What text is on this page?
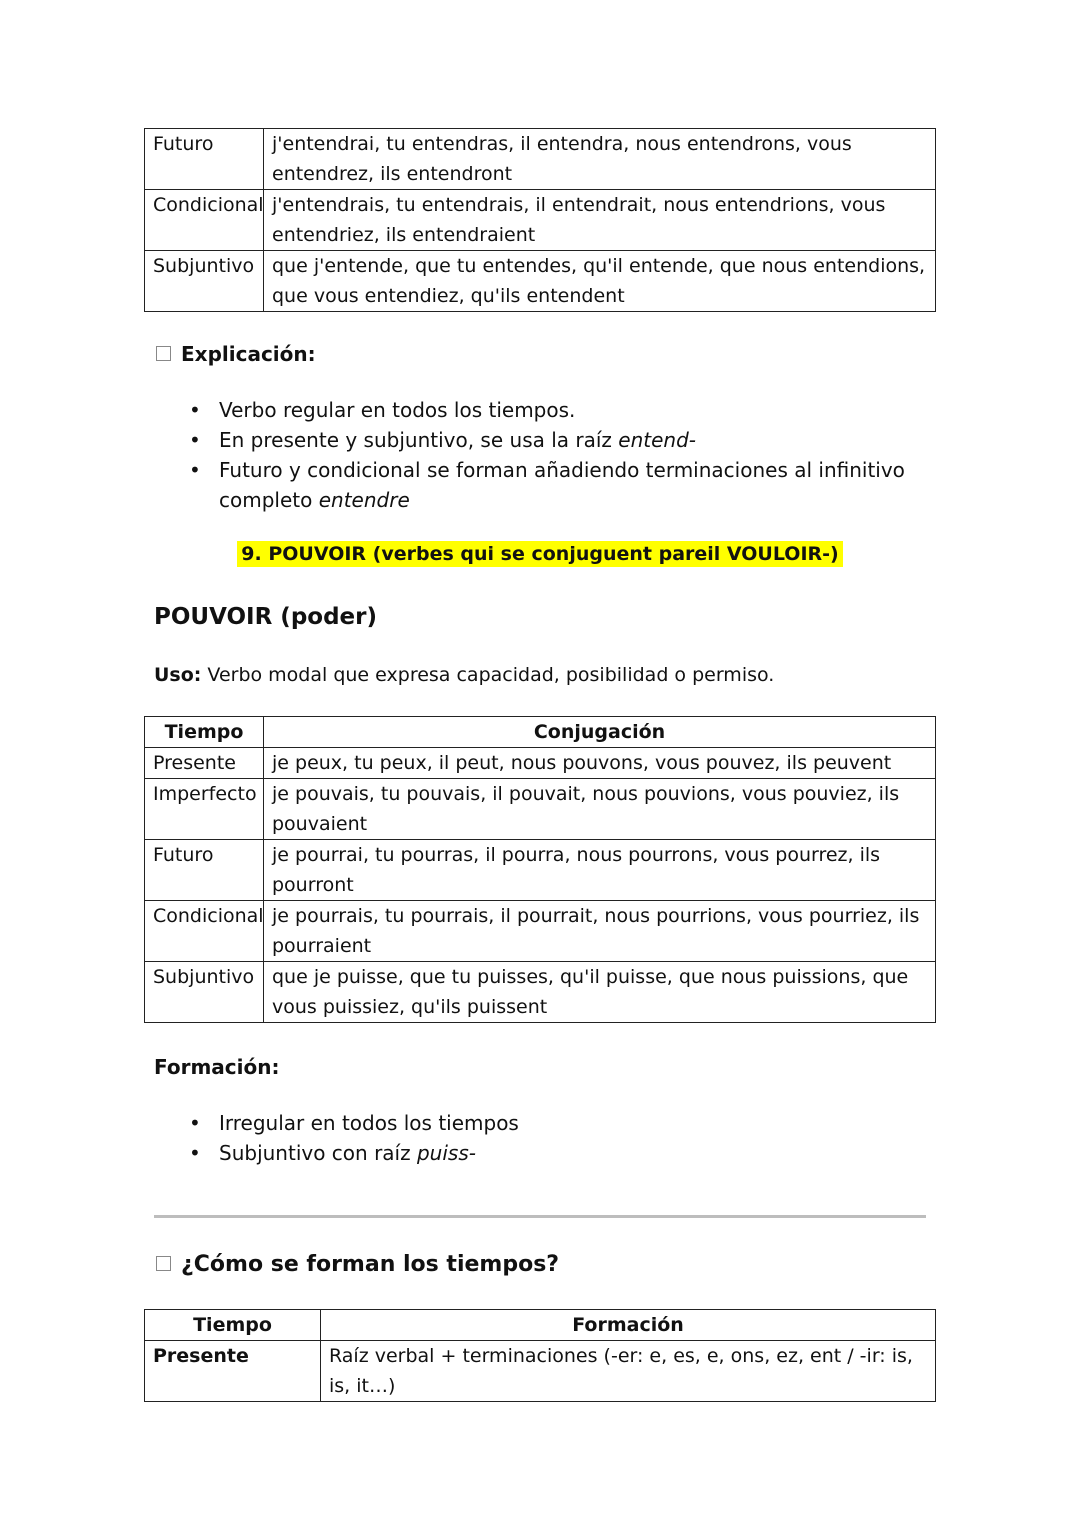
Futuro	j'entendrai, tu entendras, il entendra, nous entendrons, vous entendrez, ils entendront
Condicional	j'entendrais, tu entendrais, il entendrait, nous entendrions, vous entendriez, ils entendraient
Subjuntivo	que j'entende, que tu entendes, qu'il entende, que nous entendions, que vous entendiez, qu'ils entendent

Explicación:

• Verbo regular en todos los tiempos.
• En presente y subjuntivo, se usa la raíz entend-
• Futuro y condicional se forman añadiendo terminaciones al infinitivo completo entendre
9. POUVOIR (verbes qui se conjuguent pareil VOULOIR-)

POUVOIR (poder)

Uso: Verbo modal que expresa capacidad, posibilidad o permiso.

Tiempo	Conjugación
Presente	je peux, tu peux, il peut, nous pouvons, vous pouvez, ils peuvent
Imperfecto	je pouvais, tu pouvais, il pouvait, nous pouvions, vous pouviez, ils pouvaient
Futuro	je pourrai, tu pourras, il pourra, nous pourrons, vous pourrez, ils pourront
Condicional	je pourrais, tu pourrais, il pourrait, nous pourrions, vous pourriez, ils pourraient
Subjuntivo	que je puisse, que tu puisses, qu'il puisse, que nous puissions, que vous puissiez, qu'ils puissent

Formación:

• Irregular en todos los tiempos
• Subjuntivo con raíz puiss-

¿Cómo se forman los tiempos?

Tiempo	Formación
Presente	Raíz verbal + terminaciones (-er: e, es, e, ons, ez, ent / -ir: is, is, it…)
